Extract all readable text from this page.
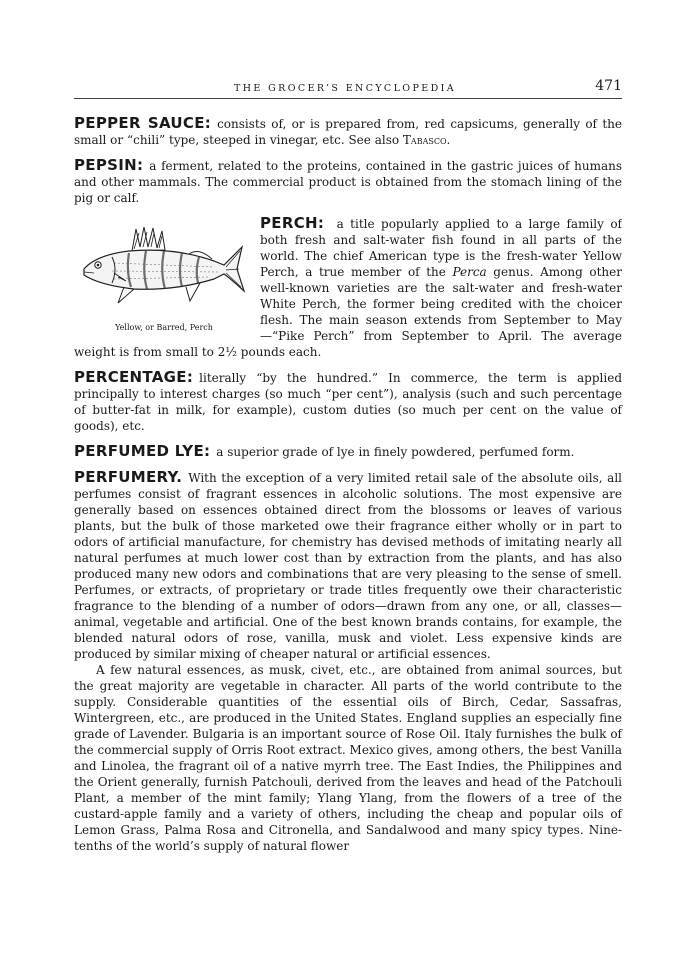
THE GROCER’S ENCYCLOPEDIA	471
PEPPER SAUCE: consists of, or is prepared from, red capsicums, generally of the small or “chili” type, steeped in vinegar, etc. See also Tabasco.
PEPSIN: a ferment, related to the proteins, contained in the gastric juices of humans and other mammals. The commercial product is obtained from the stomach lining of the pig or calf.
PERCH:
Yellow, or Barred, Perch
a title popularly applied to a large family of both fresh and salt-water fish found in all parts of the world. The chief American type is the fresh-water Yellow Perch, a true member of the Perca genus. Among other well-known varieties are the salt-water and fresh-water White Perch, the former being credited with the choicer flesh. The main season extends from September to May—“Pike Perch” from September to April. The average weight is from small to 2½ pounds each.
PERCENTAGE: literally “by the hundred.” In commerce, the term is applied principally to interest charges (so much “per cent”), analysis (such and such percentage of butter-fat in milk, for example), custom duties (so much per cent on the value of goods), etc.
PERFUMED LYE: a superior grade of lye in finely powdered, perfumed form.

PERFUMERY. With the exception of a very limited retail sale of the absolute oils, all perfumes consist of fragrant essences in alcoholic solutions. The most expensive are generally based on essences obtained direct from the blossoms or leaves of various plants, but the bulk of those marketed owe their fragrance either wholly or in part to odors of artificial manufacture, for chemistry has devised methods of imitating nearly all natural perfumes at much lower cost than by extraction from the plants, and has also produced many new odors and combinations that are very pleasing to the sense of smell. Perfumes, or extracts, of proprietary or trade titles frequently owe their characteristic fragrance to the blending of a number of odors—drawn from any one, or all, classes—animal, vegetable and artificial. One of the best known brands contains, for example, the blended natural odors of rose, vanilla, musk and violet. Less expensive kinds are produced by similar mixing of cheaper natural or artificial essences.

A few natural essences, as musk, civet, etc., are obtained from animal sources, but the great majority are vegetable in character. All parts of the world contribute to the supply. Considerable quantities of the essential oils of Birch, Cedar, Sassafras, Wintergreen, etc., are produced in the United States. England supplies an especially fine grade of Lavender. Bulgaria is an important source of Rose Oil. Italy furnishes the bulk of the commercial supply of Orris Root extract. Mexico gives, among others, the best Vanilla and Linolea, the fragrant oil of a native myrrh tree. The East Indies, the Philippines and the Orient generally, furnish Patchouli, derived from the leaves and head of the Patchouli Plant, a member of the mint family; Ylang Ylang, from the flowers of a tree of the custard-apple family and a variety of others, including the cheap and popular oils of Lemon Grass, Palma Rosa and Citronella, and Sandalwood and many spicy types. Nine-tenths of the world’s supply of natural flower
